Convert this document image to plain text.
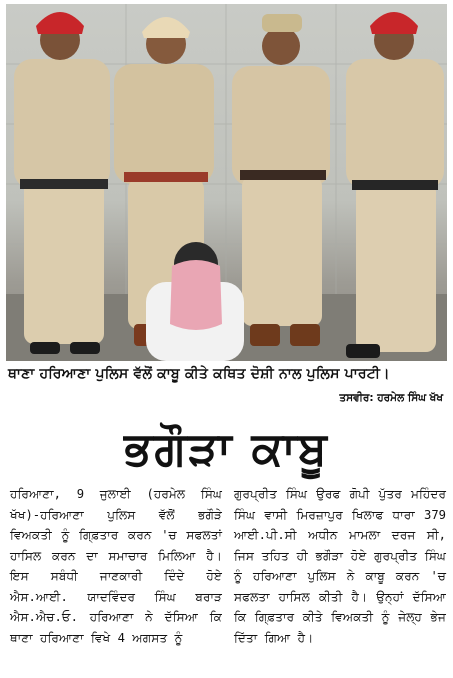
ਥਾਣਾ ਹਰਿਆਣਾ ਪੁਲਿਸ ਵੱਲੋਂ ਕਾਬੂ ਕੀਤੇ ਕਥਿਤ ਦੋਸ਼ੀ ਨਾਲ ਪੁਲਿਸ ਪਾਰਟੀ।
ਤਸਵੀਰ: ਹਰਮੇਲ ਸਿੰਘ ਖੱਖ
ਭਗੌੜਾ ਕਾਬੂ

ਹਰਿਆਣਾ, 9 ਜੁਲਾਈ (ਹਰਮੇਲ ਸਿੰਘ ਖੱਖ)-ਹਰਿਆਣਾ ਪੁਲਿਸ ਵੱਲੋਂ ਭਗੌੜੇ ਵਿਅਕਤੀ ਨੂੰ ਗਿ੍ਫ਼ਤਾਰ ਕਰਨ 'ਚ ਸਫਲਤਾਂ ਹਾਸਿਲ ਕਰਨ ਦਾ ਸਮਾਚਾਰ ਮਿਲਿਆ ਹੈ। ਇਸ ਸਬੰਧੀ ਜਾਣਕਾਰੀ ਦਿੰਦੇ ਹੋਏ ਐਸ.ਆਈ. ਯਾਦਵਿੰਦਰ ਸਿੰਘ ਬਰਾੜ ਐਸ.ਐਚ.ਓ. ਹਰਿਆਣਾ ਨੇ ਦੱਸਿਆ ਕਿ ਥਾਣਾ ਹਰਿਆਣਾ ਵਿਖੇ 4 ਅਗਸਤ ਨੂੰ

ਗੁਰਪ੍ਰੀਤ ਸਿੰਘ ਉਰਫ ਗੋਪੀ ਪੁੱਤਰ ਮਹਿੰਦਰ ਸਿੰਘ ਵਾਸੀ ਮਿਰਜ਼ਾਪੁਰ ਖਿਲਾਫ ਧਾਰਾ 379 ਆਈ.ਪੀ.ਸੀ ਅਧੀਨ ਮਾਮਲਾ ਦਰਜ ਸੀ, ਜਿਸ ਤਹਿਤ ਹੀ ਭਗੌੜਾ ਹੋਏ ਗੁਰਪ੍ਰੀਤ ਸਿੰਘ ਨੂੰ ਹਰਿਆਣਾ ਪੁਲਿਸ ਨੇ ਕਾਬੂ ਕਰਨ 'ਚ ਸਫਲਤਾ ਹਾਸਿਲ ਕੀਤੀ ਹੈ। ਉਨ੍ਹਾਂ ਦੱਸਿਆ ਕਿ ਗਿ੍ਫ਼ਤਾਰ ਕੀਤੇ ਵਿਅਕਤੀ ਨੂੰ ਜੇਲ੍ਹ ਭੇਜ ਦਿੱਤਾ ਗਿਆ ਹੈ।
